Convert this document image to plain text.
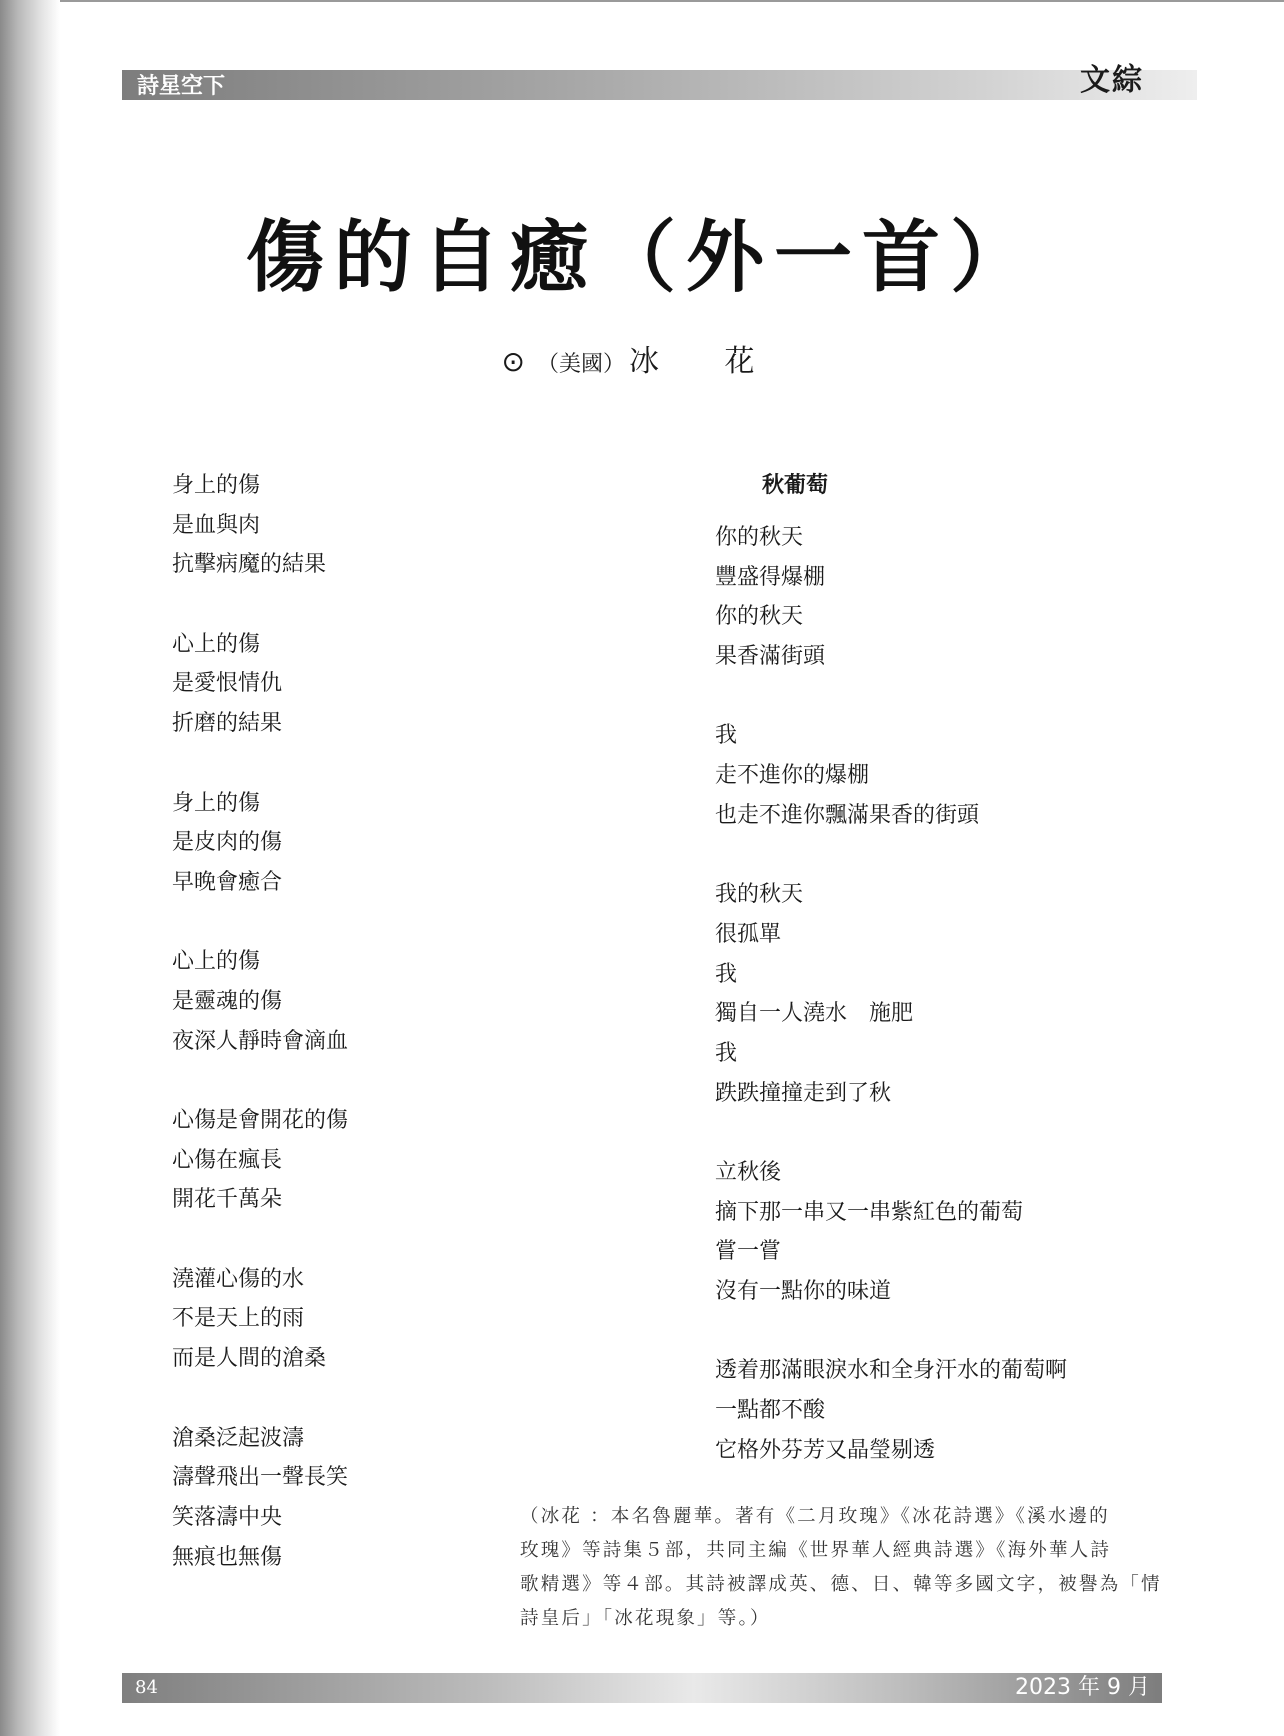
詩星空下	文綜
傷的自癒（外一首）
⊙ （美國） 冰 花
身上的傷
是血與肉
抗擊病魔的結果
心上的傷
是愛恨情仇
折磨的結果
身上的傷
是皮肉的傷
早晚會癒合
心上的傷
是靈魂的傷
夜深人靜時會滴血
心傷是會開花的傷
心傷在瘋長
開花千萬朵
澆灌心傷的水
不是天上的雨
而是人間的滄桑
滄桑泛起波濤
濤聲飛出一聲長笑
笑落濤中央
無痕也無傷
秋葡萄
你的秋天
豐盛得爆棚
你的秋天
果香滿街頭
我
走不進你的爆棚
也走不進你飄滿果香的街頭
我的秋天
很孤單
我
獨自一人澆水　施肥
我
跌跌撞撞走到了秋
立秋後
摘下那一串又一串紫紅色的葡萄
嘗一嘗
沒有一點你的味道
透着那滿眼淚水和全身汗水的葡萄啊
一點都不酸
它格外芬芳又晶瑩剔透
（冰花 ：本名魯麗華。著有《二月玫瑰》《冰花詩選》《溪水邊的
玫瑰》等詩集５部，共同主編《世界華人經典詩選》《海外華人詩
歌精選》等４部。其詩被譯成英、德、日、韓等多國文字，被譽為「情
詩皇后」「冰花現象」等。）
84	2023 年 9 月
